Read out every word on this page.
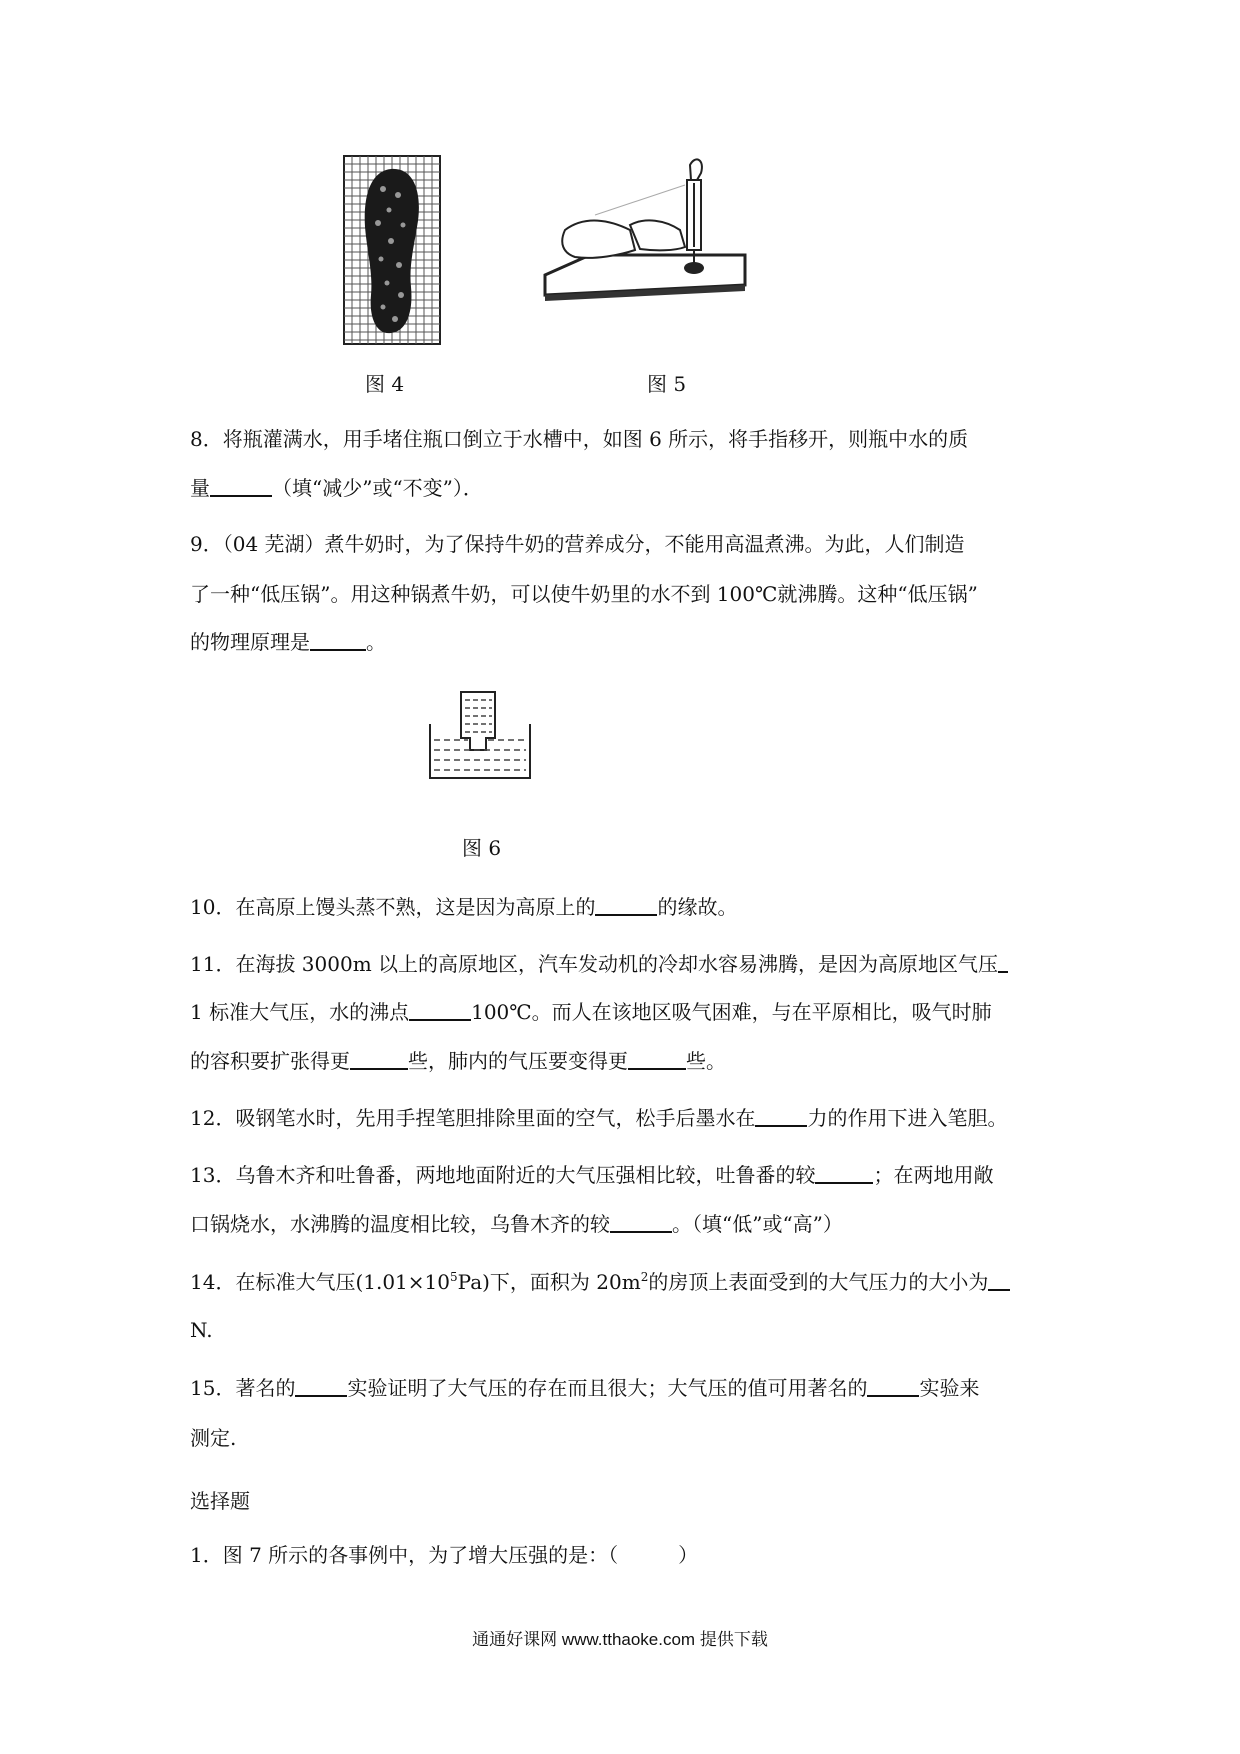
图 4	图 5
8．将瓶灌满水，用手堵住瓶口倒立于水槽中，如图 6 所示，将手指移开，则瓶中水的质
量	（填“减少”或“不变”）．
9．（04 芜湖）煮牛奶时，为了保持牛奶的营养成分，不能用高温煮沸。为此，人们制造
了一种“低压锅”。用这种锅煮牛奶，可以使牛奶里的水不到 100℃就沸腾。这种“低压锅”
的物理原理是	。
图 6
10．在高原上馒头蒸不熟，这是因为高原上的	的缘故。
11．在海拔 3000m 以上的高原地区，汽车发动机的冷却水容易沸腾，是因为高原地区气压
1 标准大气压，水的沸点	100℃。而人在该地区吸气困难，与在平原相比，吸气时肺
的容积要扩张得更	些，肺内的气压要变得更	些。
12．吸钢笔水时，先用手捏笔胆排除里面的空气，松手后墨水在	力的作用下进入笔胆。
13．乌鲁木齐和吐鲁番，两地地面附近的大气压强相比较，吐鲁番的较	；在两地用敞
口锅烧水，水沸腾的温度相比较，乌鲁木齐的较	。（填“低”或“高”）
14．在标准大气压$(1.01\times 10^5Pa)$下，面积为 $20m^2$的房顶上表面受到的大气压力的大小为
N.
15．著名的	实验证明了大气压的存在而且很大；大气压的值可用著名的	实验来
测定.
选择题
1．图 7 所示的各事例中，为了增大压强的是：（　　　）
通通好课网 www.tthaoke.com 提供下载
